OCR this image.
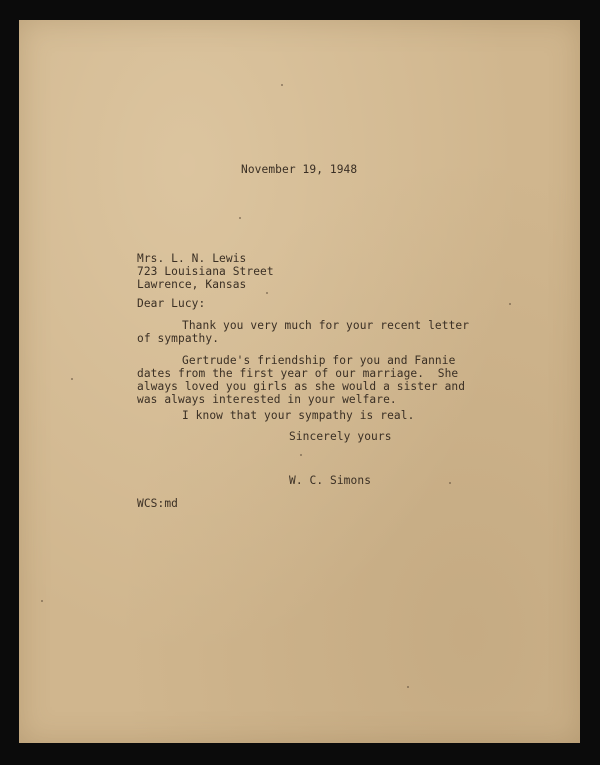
November 19, 1948

Mrs. L. N. Lewis

723 Louisiana Street

Lawrence, Kansas

Dear Lucy:

Thank you very much for your recent letter

of sympathy.

Gertrude's friendship for you and Fannie

dates from the first year of our marriage.  She

always loved you girls as she would a sister and

was always interested in your welfare.

I know that your sympathy is real.

Sincerely yours

W. C. Simons

WCS:md
